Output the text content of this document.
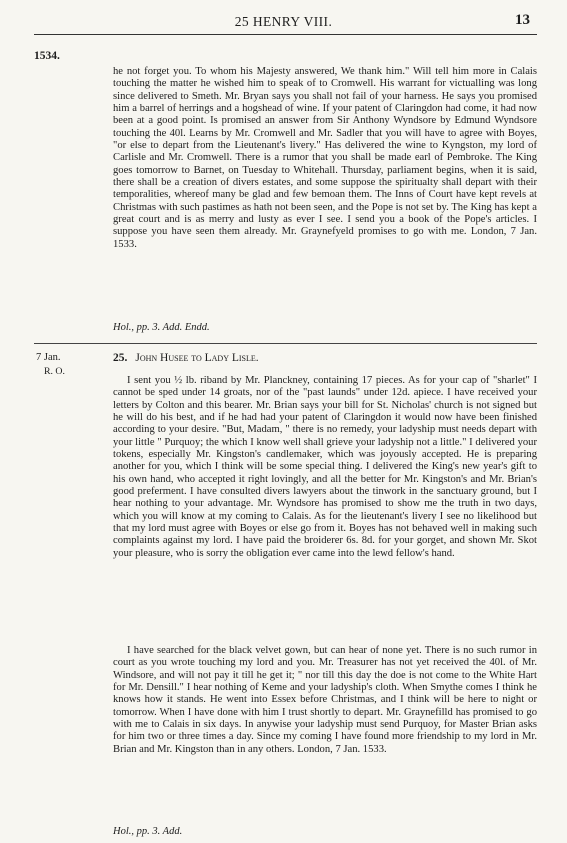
25 HENRY VIII.	13
1534.

he not forget you. To whom his Majesty answered, We thank him." Will tell him more in Calais touching the matter he wished him to speak of to Cromwell. His warrant for victualling was long since delivered to Smeth. Mr. Bryan says you shall not fail of your harness. He says you promised him a barrel of herrings and a hogshead of wine. If your patent of Claringdon had come, it had now been at a good point. Is promised an answer from Sir Anthony Wyndsore by Edmund Wyndsore touching the 40l. Learns by Mr. Cromwell and Mr. Sadler that you will have to agree with Boyes, "or else to depart from the Lieutenant's livery." Has delivered the wine to Kyngston, my lord of Carlisle and Mr. Cromwell. There is a rumor that you shall be made earl of Pembroke. The King goes tomorrow to Barnet, on Tuesday to Whitehall. Thursday, parliament begins, when it is said, there shall be a creation of divers estates, and some suppose the spiritualty shall depart with their temporalities, whereof many be glad and few bemoan them. The Inns of Court have kept revels at Christmas with such pastimes as hath not been seen, and the Pope is not set by. The King has kept a great court and is as merry and lusty as ever I see. I send you a book of the Pope's articles. I suppose you have seen them already. Mr. Graynefyeld promises to go with me. London, 7 Jan. 1533.

Hol., pp. 3. Add. Endd.
7 Jan.
R. O.
25. John Husee to Lady Lisle.

I sent you ½ lb. riband by Mr. Planckney, containing 17 pieces. As for your cap of "sharlet" I cannot be sped under 14 groats, nor of the "past launds" under 12d. apiece. I have received your letters by Colton and this bearer. Mr. Brian says your bill for St. Nicholas' church is not signed but he will do his best, and if he had had your patent of Claringdon it would now have been finished according to your desire. "But, Madam, " there is no remedy, your ladyship must needs depart with your little " Purquoy; the which I know well shall grieve your ladyship not a little." I delivered your tokens, especially Mr. Kingston's candlemaker, which was joyously accepted. He is preparing another for you, which I think will be some special thing. I delivered the King's new year's gift to his own hand, who accepted it right lovingly, and all the better for Mr. Kingston's and Mr. Brian's good preferment. I have consulted divers lawyers about the tinwork in the sanctuary ground, but I hear nothing to your advantage. Mr. Wyndsore has promised to show me the truth in two days, which you will know at my coming to Calais. As for the lieutenant's livery I see no likelihood but that my lord must agree with Boyes or else go from it. Boyes has not behaved well in making such complaints against my lord. I have paid the broiderer 6s. 8d. for your gorget, and shown Mr. Skot your pleasure, who is sorry the obligation ever came into the lewd fellow's hand.

I have searched for the black velvet gown, but can hear of none yet. There is no such rumor in court as you wrote touching my lord and you. Mr. Treasurer has not yet received the 40l. of Mr. Windsore, and will not pay it till he get it; " nor till this day the doe is not come to the White Hart for Mr. Densill." I hear nothing of Keme and your ladyship's cloth. When Smythe comes I think he knows how it stands. He went into Essex before Christmas, and I think will be here to night or tomorrow. When I have done with him I trust shortly to depart. Mr. Graynefilld has promised to go with me to Calais in six days. In anywise your ladyship must send Purquoy, for Master Brian asks for him two or three times a day. Since my coming I have found more friendship to my lord in Mr. Brian and Mr. Kingston than in any others. London, 7 Jan. 1533.

Hol., pp. 3. Add.
